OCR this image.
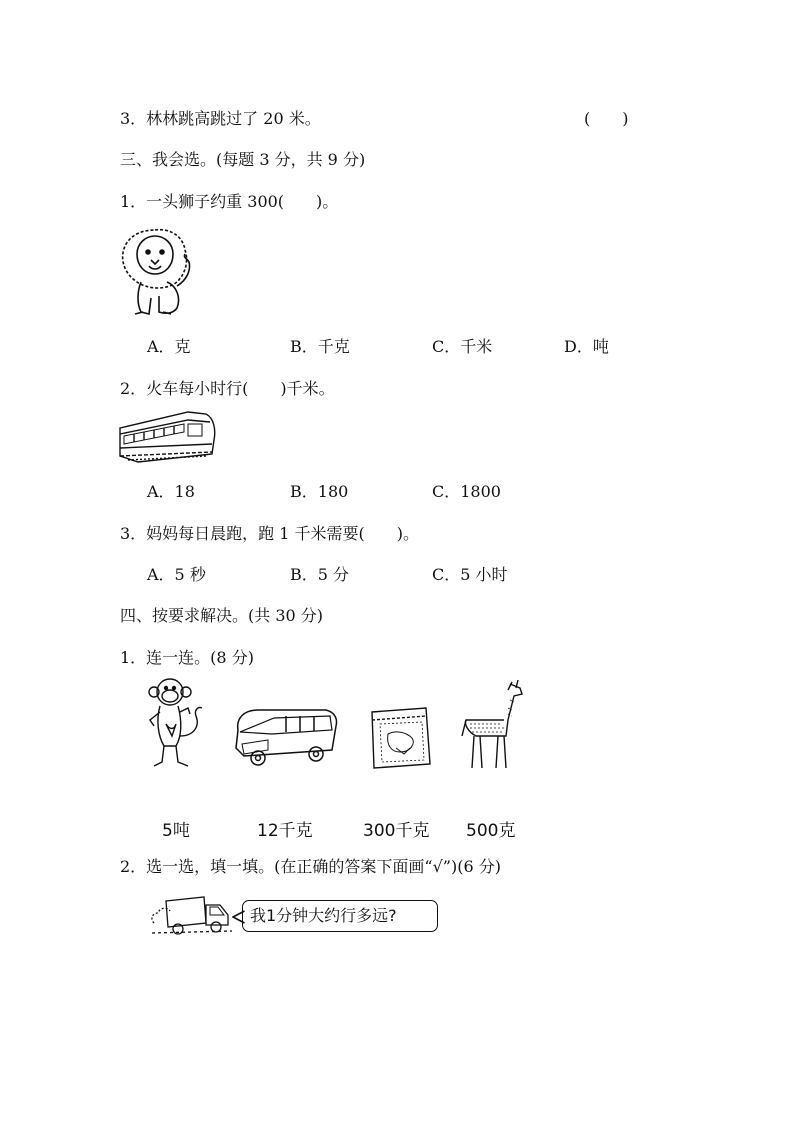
3．林林跳高跳过了 20 米。	(　　)
三、我会选。(每题 3 分，共 9 分)
1．一头狮子约重 300(　　)。
A．克	B．千克	C．千米	D．吨
2．火车每小时行(　　)千米。
A．18	B．180	C．1800
3．妈妈每日晨跑，跑 1 千米需要(　　)。
A．5 秒	B．5 分	C．5 小时
四、按要求解决。(共 30 分)
1．连一连。(8 分)
5吨	12千克	300千克 500克
2．选一选，填一填。(在正确的答案下面画“√”)(6 分)
我1分钟大约行多远?
